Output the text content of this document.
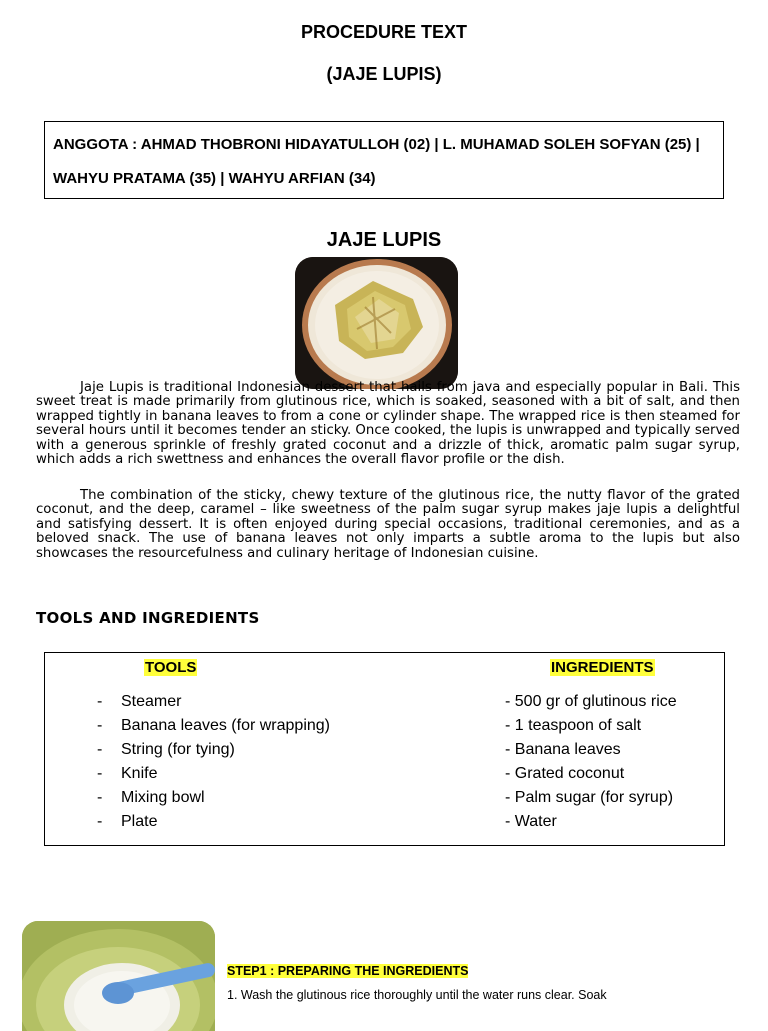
PROCEDURE TEXT
(JAJE LUPIS)
ANGGOTA : AHMAD THOBRONI HIDAYATULLOH (02) | L. MUHAMAD SOLEH SOFYAN (25) |
WAHYU PRATAMA (35) | WAHYU ARFIAN (34)
JAJE LUPIS

Jaje Lupis is traditional Indonesian dessert that hails from java and especially popular in Bali. This sweet treat is made primarily from glutinous rice, which is soaked, seasoned with a bit of salt, and then wrapped tightly in banana leaves to from a cone or cylinder shape. The wrapped rice is then steamed for several hours until it becomes tender an sticky. Once cooked, the lupis is unwrapped and typically served with a generous sprinkle of freshly grated coconut and a drizzle of thick, aromatic palm sugar syrup, which adds a rich swettness and enhances the overall flavor profile or the dish.

The combination of the sticky, chewy texture of the glutinous rice, the nutty flavor of the grated coconut, and the deep, caramel – like sweetness of the palm sugar syrup makes jaje lupis a delightful and satisfying dessert. It is often enjoyed during special occasions, traditional ceremonies, and as a beloved snack. The use of banana leaves not only imparts a subtle aroma to the lupis but also showcases the resourcefulness and culinary heritage of Indonesian cuisine.

TOOLS AND INGREDIENTS
TOOLS	INGREDIENTS
- Steamer
- Banana leaves (for wrapping)
- String (for tying)
- Knife
- Mixing bowl
- Plate
- 500 gr of glutinous rice
- 1 teaspoon of salt
- Banana leaves
- Grated coconut
- Palm sugar (for syrup)
- Water
STEP1 : PREPARING THE INGREDIENTS
1. Wash the glutinous rice thoroughly until the water runs clear. Soak
